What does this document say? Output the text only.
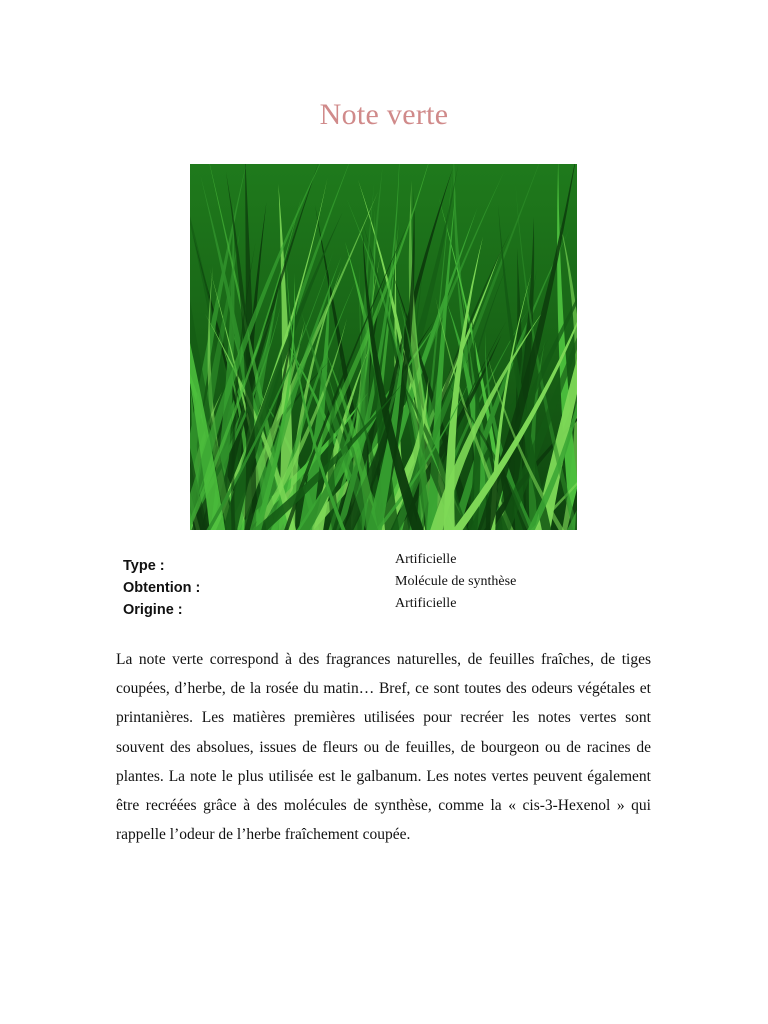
Note verte
Type :
Obtention :
Origine :
Artificielle
Molécule de synthèse
Artificielle

La note verte correspond à des fragrances naturelles, de feuilles fraîches, de tiges coupées, d’herbe, de la rosée du matin… Bref, ce sont toutes des odeurs végétales et printanières. Les matières premières utilisées pour recréer les notes vertes sont souvent des absolues, issues de fleurs ou de feuilles, de bourgeon ou de racines de plantes. La note le plus utilisée est le galbanum. Les notes vertes peuvent également être recréées grâce à des molécules de synthèse, comme la « cis-3-Hexenol » qui rappelle l’odeur de l’herbe fraîchement coupée.
